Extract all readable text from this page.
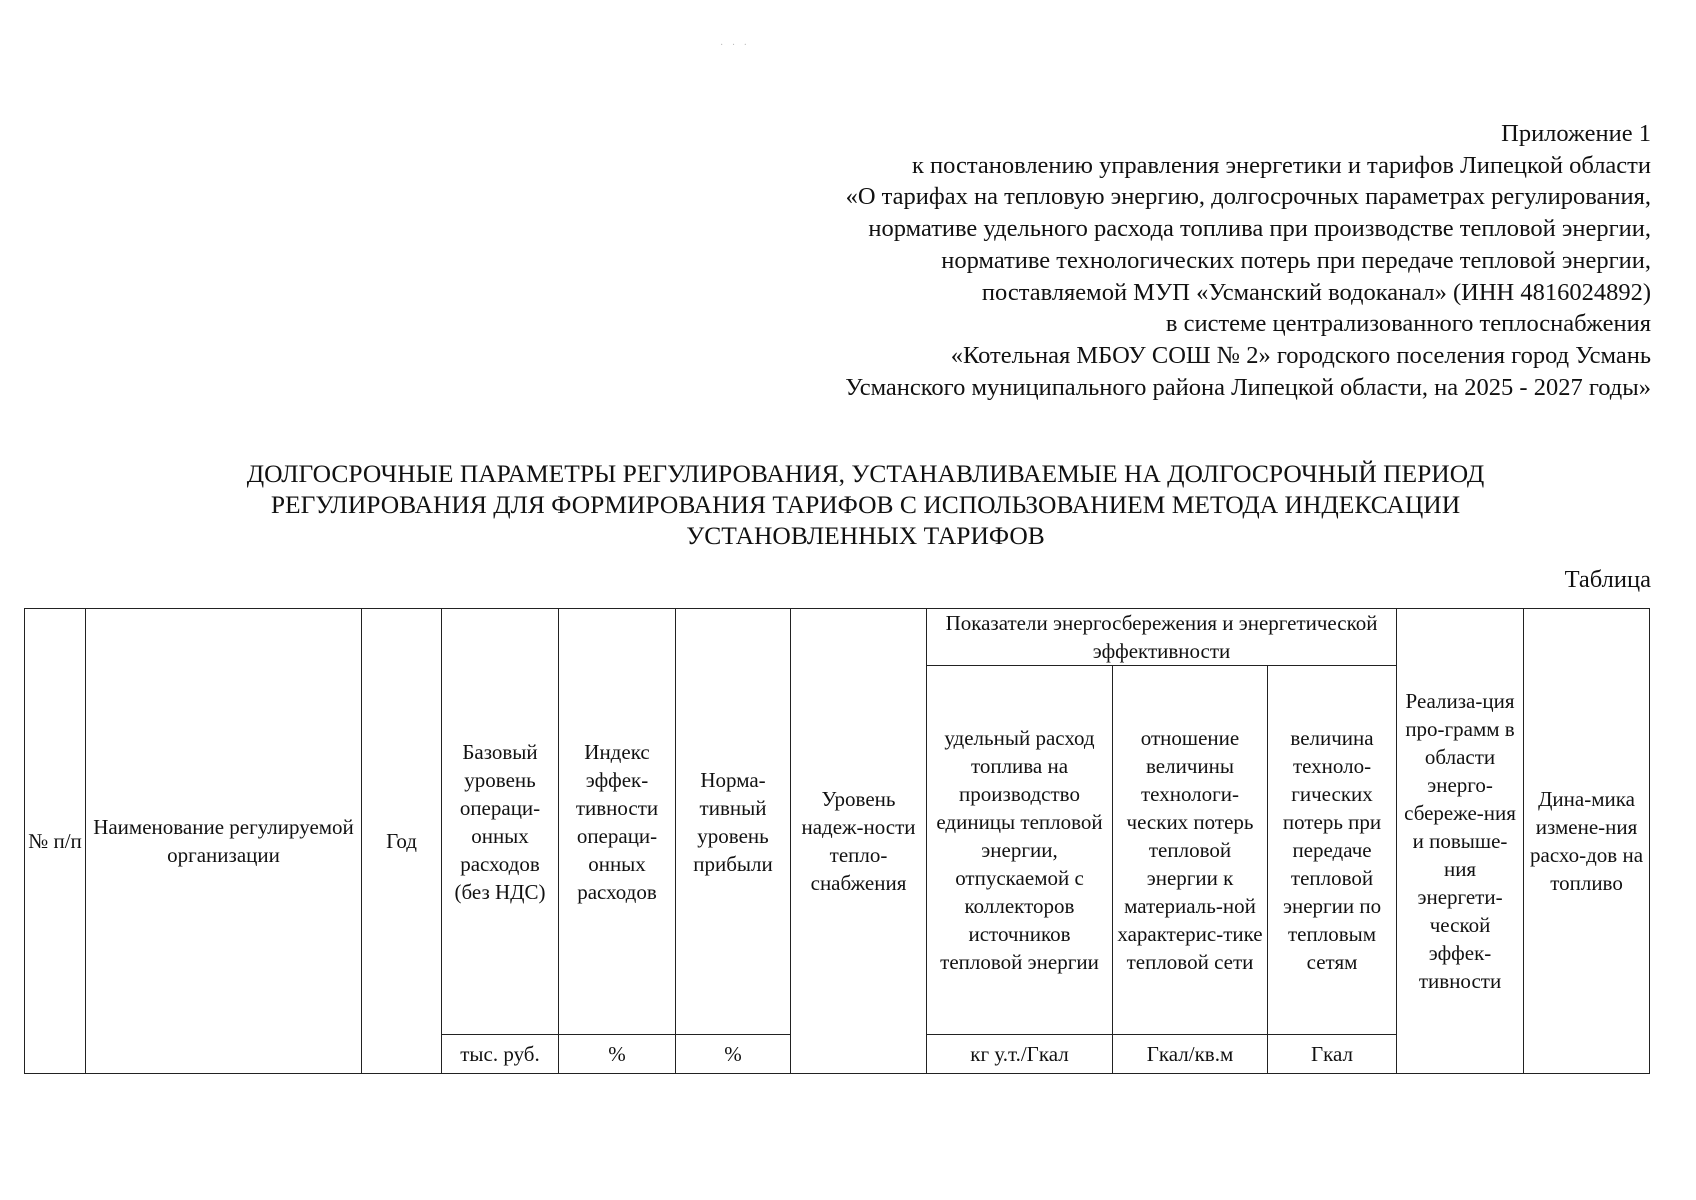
· · ·
Приложение 1
к постановлению управления энергетики и тарифов Липецкой области
«О тарифах на тепловую энергию, долгосрочных параметрах регулирования,
нормативе удельного расхода топлива при производстве тепловой энергии,
нормативе технологических потерь при передаче тепловой энергии,
поставляемой МУП «Усманский водоканал» (ИНН 4816024892)
в системе централизованного теплоснабжения
«Котельная МБОУ СОШ № 2» городского поселения город Усмань
Усманского муниципального района Липецкой области, на 2025 - 2027 годы»
ДОЛГОСРОЧНЫЕ ПАРАМЕТРЫ РЕГУЛИРОВАНИЯ, УСТАНАВЛИВАЕМЫЕ НА ДОЛГОСРОЧНЫЙ ПЕРИОД
РЕГУЛИРОВАНИЯ ДЛЯ ФОРМИРОВАНИЯ ТАРИФОВ С ИСПОЛЬЗОВАНИЕМ МЕТОДА ИНДЕКСАЦИИ
УСТАНОВЛЕННЫХ ТАРИФОВ
Таблица
№ п/п	Наименование регулируемой организации	Год	Базовый уровень операци-онных расходов (без НДС)	Индекс эффек-тивности операци-онных расходов	Норма-тивный уровень прибыли	Уровень надеж-ности тепло-снабжения	Показатели энергосбережения и энергетической эффективности			Реализа-ция про-грамм в области энерго-сбереже-ния и повыше-ния энергети-ческой эффек-тивности	Дина-мика измене-ния расхо-дов на топливо
							удельный расход топлива на производство единицы тепловой энергии, отпускаемой с коллекторов источников тепловой энергии	отношение величины технологи-ческих потерь тепловой энергии к материаль-ной характерис-тике тепловой сети	величина техноло-гических потерь при передаче тепловой энергии по тепловым сетям		
			тыс. руб.	%	%		кг у.т./Гкал	Гкал/кв.м	Гкал		
